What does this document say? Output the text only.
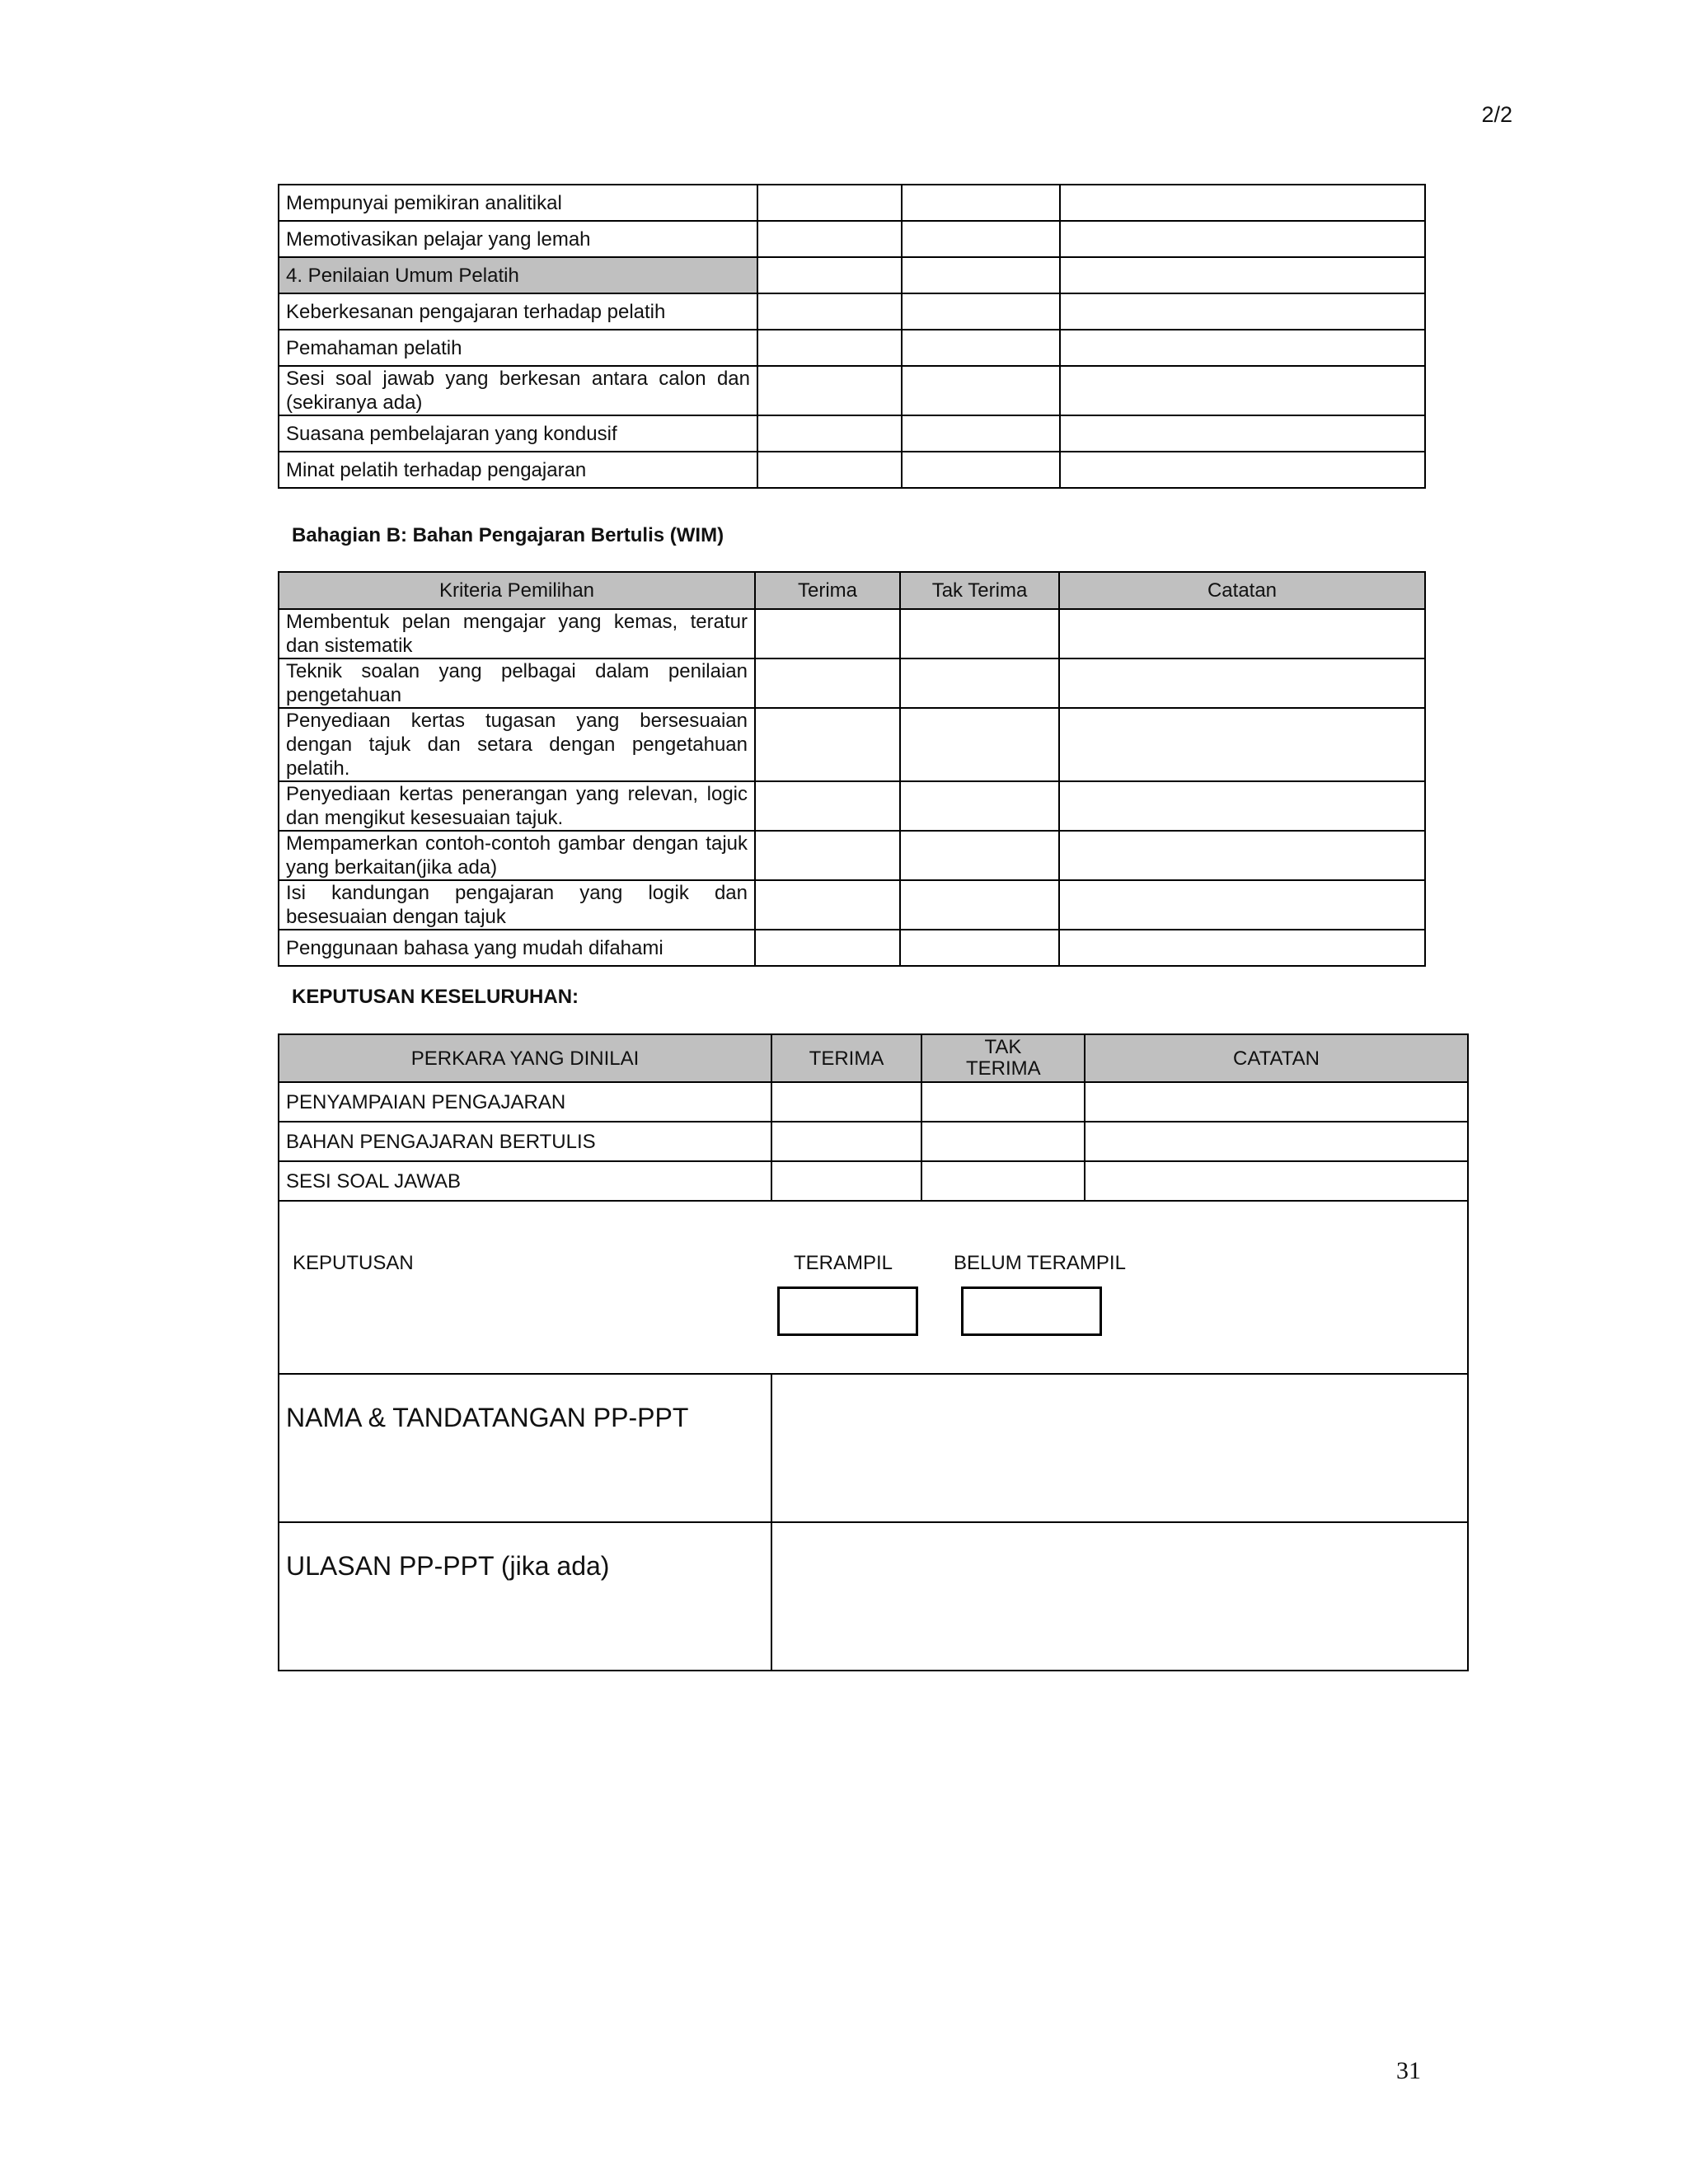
2/2
Mempunyai pemikiran analitikal			
Memotivasikan pelajar yang lemah			
4. Penilaian Umum Pelatih			
Keberkesanan pengajaran terhadap pelatih			
Pemahaman pelatih			
Sesi soal jawab yang berkesan antara calon dan (sekiranya ada)			
Suasana pembelajaran yang kondusif			
Minat pelatih terhadap pengajaran			
Bahagian B: Bahan Pengajaran Bertulis (WIM)
Kriteria Pemilihan	Terima	Tak Terima	Catatan
Membentuk pelan mengajar yang kemas, teratur dan sistematik			
Teknik soalan yang pelbagai dalam penilaian pengetahuan			
Penyediaan kertas tugasan yang bersesuaian dengan tajuk dan setara dengan pengetahuan pelatih.			
Penyediaan kertas penerangan yang relevan, logic dan mengikut kesesuaian tajuk.			
Mempamerkan contoh-contoh gambar dengan tajuk yang berkaitan(jika ada)			
Isi kandungan pengajaran yang logik dan besesuaian dengan tajuk			
Penggunaan bahasa yang mudah difahami			
KEPUTUSAN KESELURUHAN:
PERKARA YANG DINILAI	TERIMA	TAK TERIMA	CATATAN
PENYAMPAIAN PENGAJARAN			
BAHAN PENGAJARAN BERTULIS			
SESI SOAL JAWAB			

KEPUTUSAN TERAMPIL BELUM TERAMPIL			

NAMA & TANDATANGAN PP-PPT			
ULASAN PP-PPT (jika ada)			
31
